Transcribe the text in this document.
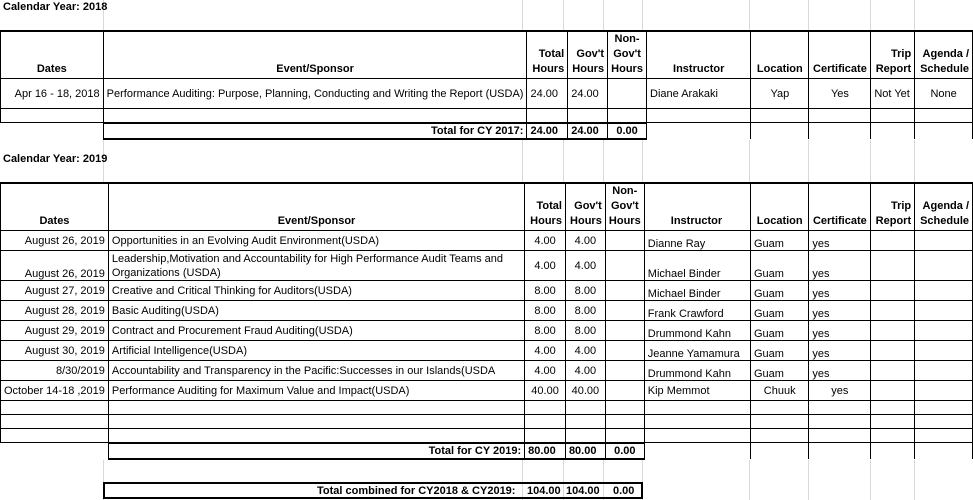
Calendar Year: 2018
Dates	Event/Sponsor	Total Hours	Gov't Hours	Non-Gov't Hours	Instructor	Location	Certificate	Trip Report	Agenda / Schedule
Apr 16 - 18, 2018	Performance Auditing: Purpose, Planning, Conducting and Writing the Report (USDA)	24.00	24.00		Diane Arakaki	Yap	Yes	Not Yet	None

	Total for CY 2017:	24.00	24.00	0.00					
Calendar Year: 2019
Dates	Event/Sponsor	Total Hours	Gov't Hours	Non-Gov't Hours	Instructor	Location	Certificate	Trip Report	Agenda / Schedule
August 26, 2019	Opportunities in an Evolving Audit Environment(USDA)	4.00	4.00		Dianne Ray	Guam	yes		
August 26, 2019	Leadership,Motivation and Accountability for High Performance Audit Teams and Organizations (USDA)	4.00	4.00		Michael Binder	Guam	yes		
August 27, 2019	Creative and Critical Thinking for Auditors(USDA)	8.00	8.00		Michael Binder	Guam	yes		
August 28, 2019	Basic Auditing(USDA)	8.00	8.00		Frank Crawford	Guam	yes		
August 29, 2019	Contract and Procurement Fraud Auditing(USDA)	8.00	8.00		Drummond Kahn	Guam	yes		
August 30, 2019	Artificial Intelligence(USDA)	4.00	4.00		Jeanne Yamamura	Guam	yes		
8/30/2019	Accountability and Transparency in the Pacific:Successes in our Islands(USDA	4.00	4.00		Drummond Kahn	Guam	yes		
October 14-18 ,2019	Performance Auditing for Maximum Value and Impact(USDA)	40.00	40.00		Kip Memmot	Chuuk	yes		

	Total for CY 2019:	80.00	80.00	0.00					
Total combined for CY2018 & CY2019: 104.00 104.00 0.00
